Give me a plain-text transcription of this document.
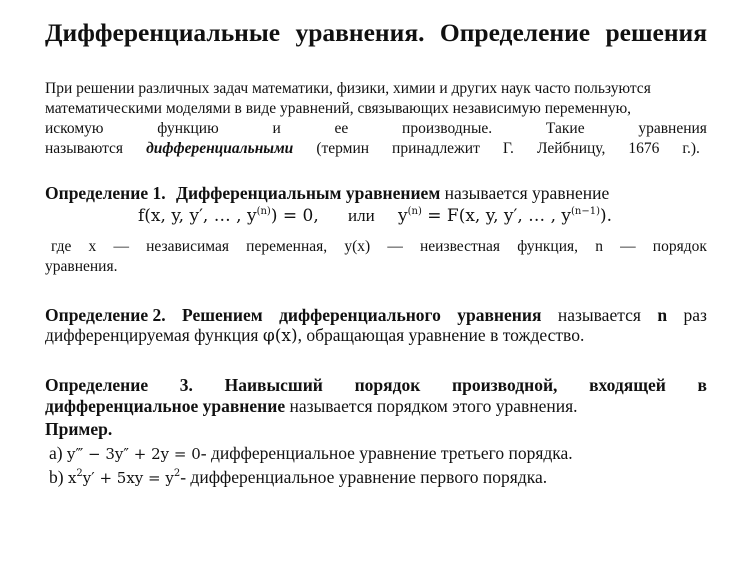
Дифференциальные уравнения. Определение решения
При решении различных задач математики, физики, химии и других наук часто пользуются
математическими моделями в виде уравнений, связывающих независимую переменную,
искомую	функцию	и	ее	производные.	Такие	уравнения
называются дифференциальными (термин принадлежит Г. Лейбницу, 1676 г.).
Определение 1. Дифференциальным уравнением называется уравнение
f(x, y, y′, … , $y^{(n)}) = 0$, или $y^{(n)} = F(x$, y, y′, … , $y^{(n-1)}$).
где x — независимая переменная, y(x) — неизвестная функция, n — порядок
уравнения.
Определение 2. Решением дифференциального уравнения называется n раз
дифференцируемая функция φ(x), обращающая уравнение в тождество.
Определение 3. Наивысший порядок производной, входящей в
дифференциальное уравнение называется порядком этого уравнения.
Пример.
a) y‴ − 3y″ + 2y = 0- дифференциальное уравнение третьего порядка.
b) $x^2y' + 5xy = y^2-$ дифференциальное уравнение первого порядка.
